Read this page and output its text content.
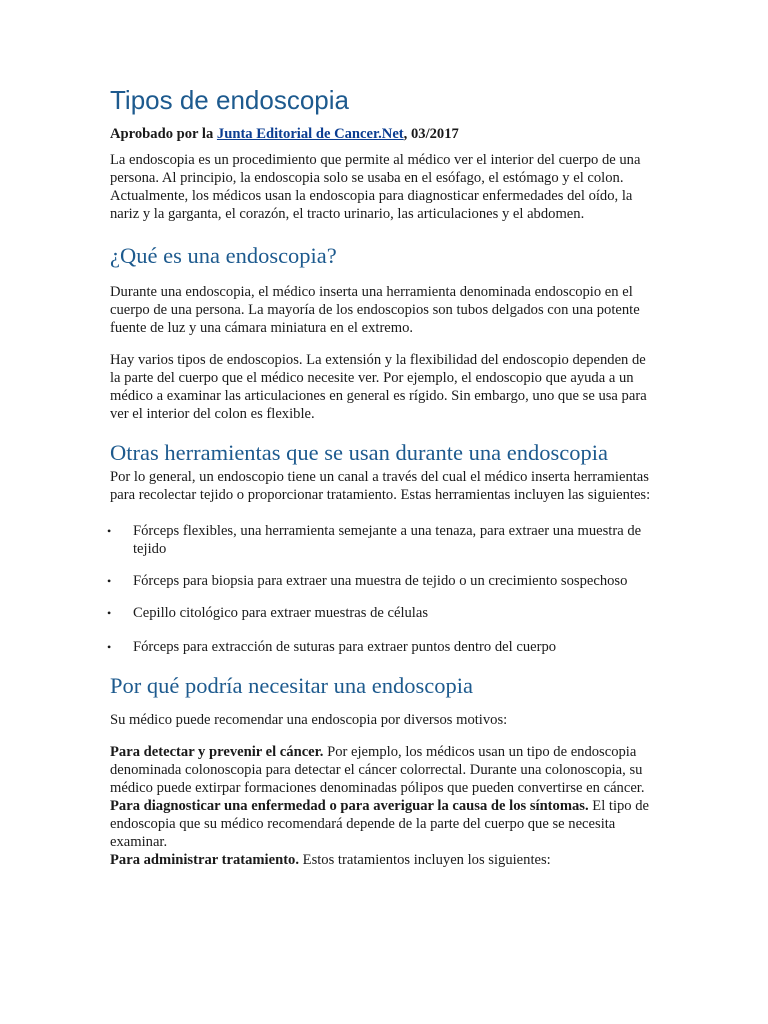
Tipos de endoscopia

Aprobado por la Junta Editorial de Cancer.Net, 03/2017

La endoscopia es un procedimiento que permite al médico ver el interior del cuerpo de una persona. Al principio, la endoscopia solo se usaba en el esófago, el estómago y el colon. Actualmente, los médicos usan la endoscopia para diagnosticar enfermedades del oído, la nariz y la garganta, el corazón, el tracto urinario, las articulaciones y el abdomen.

¿Qué es una endoscopia?

Durante una endoscopia, el médico inserta una herramienta denominada endoscopio en el cuerpo de una persona. La mayoría de los endoscopios son tubos delgados con una potente fuente de luz y una cámara miniatura en el extremo.

Hay varios tipos de endoscopios. La extensión y la flexibilidad del endoscopio dependen de la parte del cuerpo que el médico necesite ver. Por ejemplo, el endoscopio que ayuda a un médico a examinar las articulaciones en general es rígido. Sin embargo, uno que se usa para ver el interior del colon es flexible.

Otras herramientas que se usan durante una endoscopia

Por lo general, un endoscopio tiene un canal a través del cual el médico inserta herramientas para recolectar tejido o proporcionar tratamiento. Estas herramientas incluyen las siguientes:

• Fórceps flexibles, una herramienta semejante a una tenaza, para extraer una muestra de tejido
• Fórceps para biopsia para extraer una muestra de tejido o un crecimiento sospechoso
• Cepillo citológico para extraer muestras de células
• Fórceps para extracción de suturas para extraer puntos dentro del cuerpo
Por qué podría necesitar una endoscopia

Su médico puede recomendar una endoscopia por diversos motivos:

Para detectar y prevenir el cáncer. Por ejemplo, los médicos usan un tipo de endoscopia denominada colonoscopia para detectar el cáncer colorrectal. Durante una colonoscopia, su médico puede extirpar formaciones denominadas pólipos que pueden convertirse en cáncer.

Para diagnosticar una enfermedad o para averiguar la causa de los síntomas. El tipo de endoscopia que su médico recomendará depende de la parte del cuerpo que se necesita examinar.

Para administrar tratamiento. Estos tratamientos incluyen los siguientes:
